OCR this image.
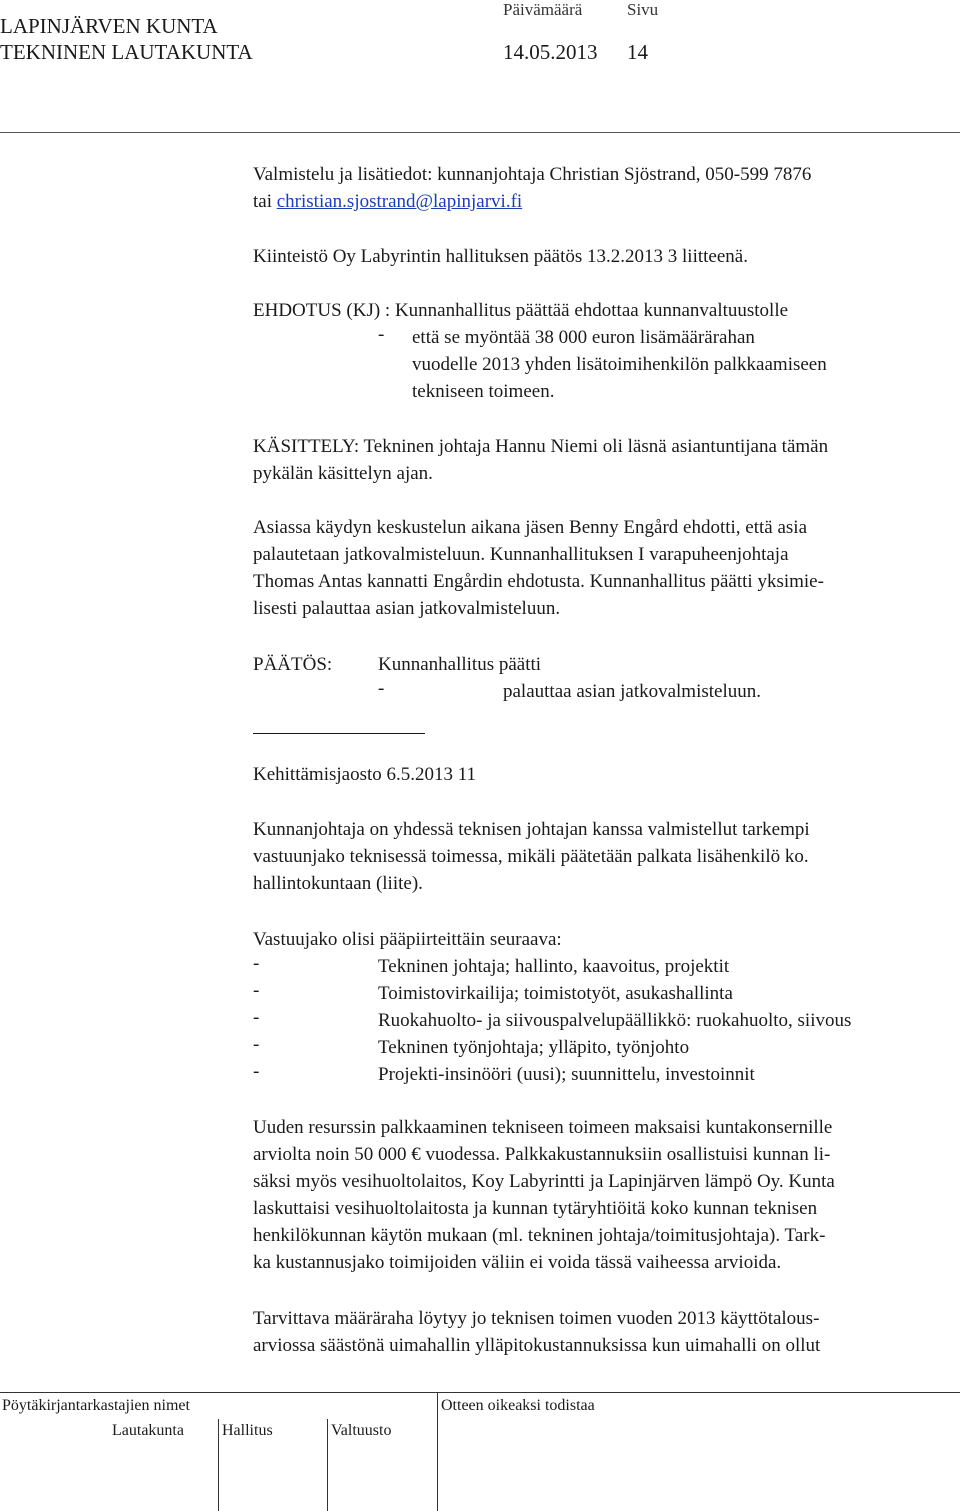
LAPINJÄRVEN KUNTA
TEKNINEN LAUTAKUNTA
Päivämäärä	Sivu
14.05.2013 14
Valmistelu ja lisätiedot: kunnanjohtaja Christian Sjöstrand, 050-599 7876
tai christian.sjostrand@lapinjarvi.fi
Kiinteistö Oy Labyrintin hallituksen päätös 13.2.2013 3 liitteenä.
EHDOTUS (KJ) : Kunnanhallitus päättää ehdottaa kunnanvaltuustolle
- että se myöntää 38 000 euron lisämäärärahan
vuodelle 2013 yhden lisätoimihenkilön palkkaamiseen
tekniseen toimeen.
KÄSITTELY: Tekninen johtaja Hannu Niemi oli läsnä asiantuntijana tämän
pykälän käsittelyn ajan.
Asiassa käydyn keskustelun aikana jäsen Benny Engård ehdotti, että asia
palautetaan jatkovalmisteluun. Kunnanhallituksen I varapuheenjohtaja
Thomas Antas kannatti Engårdin ehdotusta. Kunnanhallitus päätti yksimie-
lisesti palauttaa asian jatkovalmisteluun.
PÄÄTÖS: Kunnanhallitus päätti
-	palauttaa asian jatkovalmisteluun.
Kehittämisjaosto 6.5.2013 11
Kunnanjohtaja on yhdessä teknisen johtajan kanssa valmistellut tarkempi
vastuunjako teknisessä toimessa, mikäli päätetään palkata lisähenkilö ko.
hallintokuntaan (liite).
Vastuujako olisi pääpiirteittäin seuraava:
-	Tekninen johtaja; hallinto, kaavoitus, projektit
-	Toimistovirkailija; toimistotyöt, asukashallinta
-	Ruokahuolto- ja siivouspalvelupäällikkö: ruokahuolto, siivous
-	Tekninen työnjohtaja; ylläpito, työnjohto
-	Projekti-insinööri (uusi); suunnittelu, investoinnit
Uuden resurssin palkkaaminen tekniseen toimeen maksaisi kuntakonsernille
arviolta noin 50 000 € vuodessa. Palkkakustannuksiin osallistuisi kunnan li-
säksi myös vesihuoltolaitos, Koy Labyrintti ja Lapinjärven lämpö Oy. Kunta
laskuttaisi vesihuoltolaitosta ja kunnan tytäryhtiöitä koko kunnan teknisen
henkilökunnan käytön mukaan (ml. tekninen johtaja/toimitusjohtaja). Tark-
ka kustannusjako toimijoiden väliin ei voida tässä vaiheessa arvioida.
Tarvittava määräraha löytyy jo teknisen toimen vuoden 2013 käyttötalous-
arviossa säästönä uimahallin ylläpitokustannuksissa kun uimahalli on ollut
Pöytäkirjantarkastajien nimet	Otteen oikeaksi todistaa
Lautakunta Hallitus	Valtuusto
